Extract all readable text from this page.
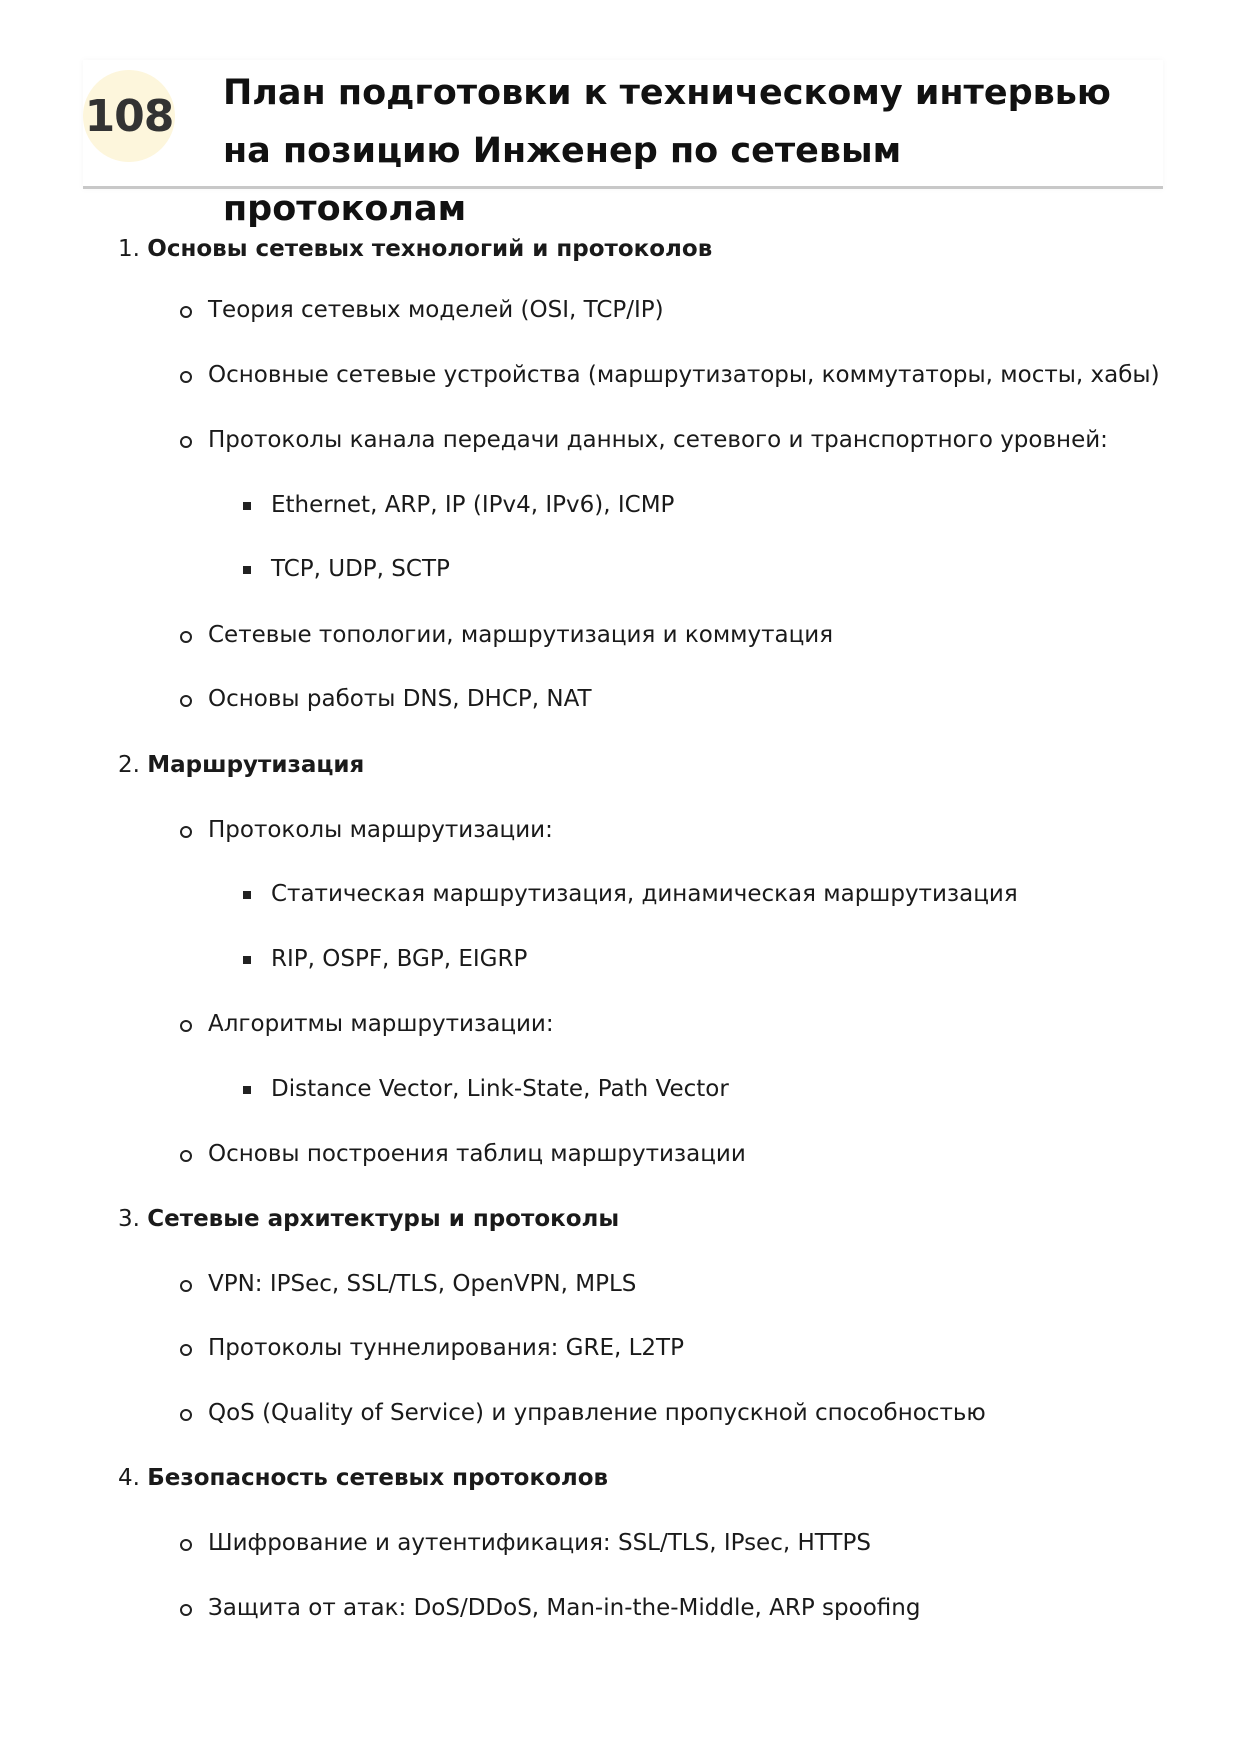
108 План подготовки к техническому интервью на позицию Инженер по сетевым протоколам
1. Основы сетевых технологий и протоколов
Теория сетевых моделей (OSI, TCP/IP)
Основные сетевые устройства (маршрутизаторы, коммутаторы, мосты, хабы)
Протоколы канала передачи данных, сетевого и транспортного уровней:
Ethernet, ARP, IP (IPv4, IPv6), ICMP
TCP, UDP, SCTP
Сетевые топологии, маршрутизация и коммутация
Основы работы DNS, DHCP, NAT
2. Маршрутизация
Протоколы маршрутизации:
Статическая маршрутизация, динамическая маршрутизация
RIP, OSPF, BGP, EIGRP
Алгоритмы маршрутизации:
Distance Vector, Link-State, Path Vector
Основы построения таблиц маршрутизации
3. Сетевые архитектуры и протоколы
VPN: IPSec, SSL/TLS, OpenVPN, MPLS
Протоколы туннелирования: GRE, L2TP
QoS (Quality of Service) и управление пропускной способностью
4. Безопасность сетевых протоколов
Шифрование и аутентификация: SSL/TLS, IPsec, HTTPS
Защита от атак: DoS/DDoS, Man-in-the-Middle, ARP spoofing
